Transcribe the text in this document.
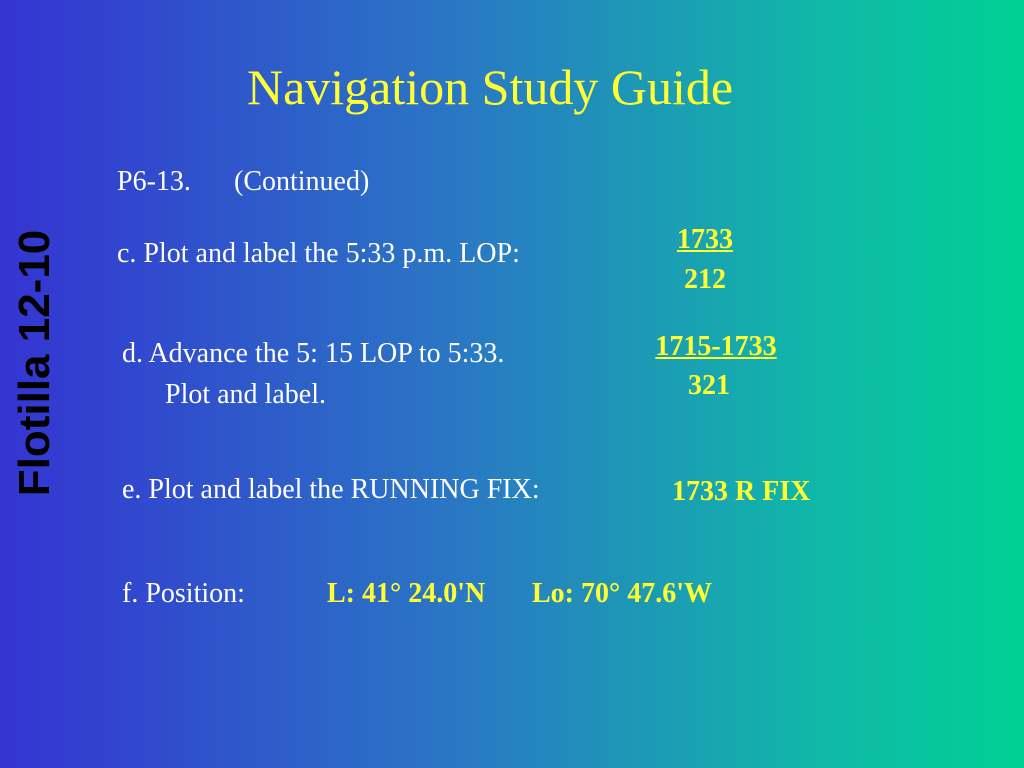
Flotilla 12-10
Navigation Study Guide
P6-13. (Continued)
c. Plot and label the 5:33 p.m. LOP:	1733
212
d. Advance the 5: 15 LOP to 5:33.
Plot and label.
1715-1733
321
e. Plot and label the RUNNING FIX:	1733 R FIX
f. Position:	L: 41° 24.0'N Lo: 70° 47.6'W
